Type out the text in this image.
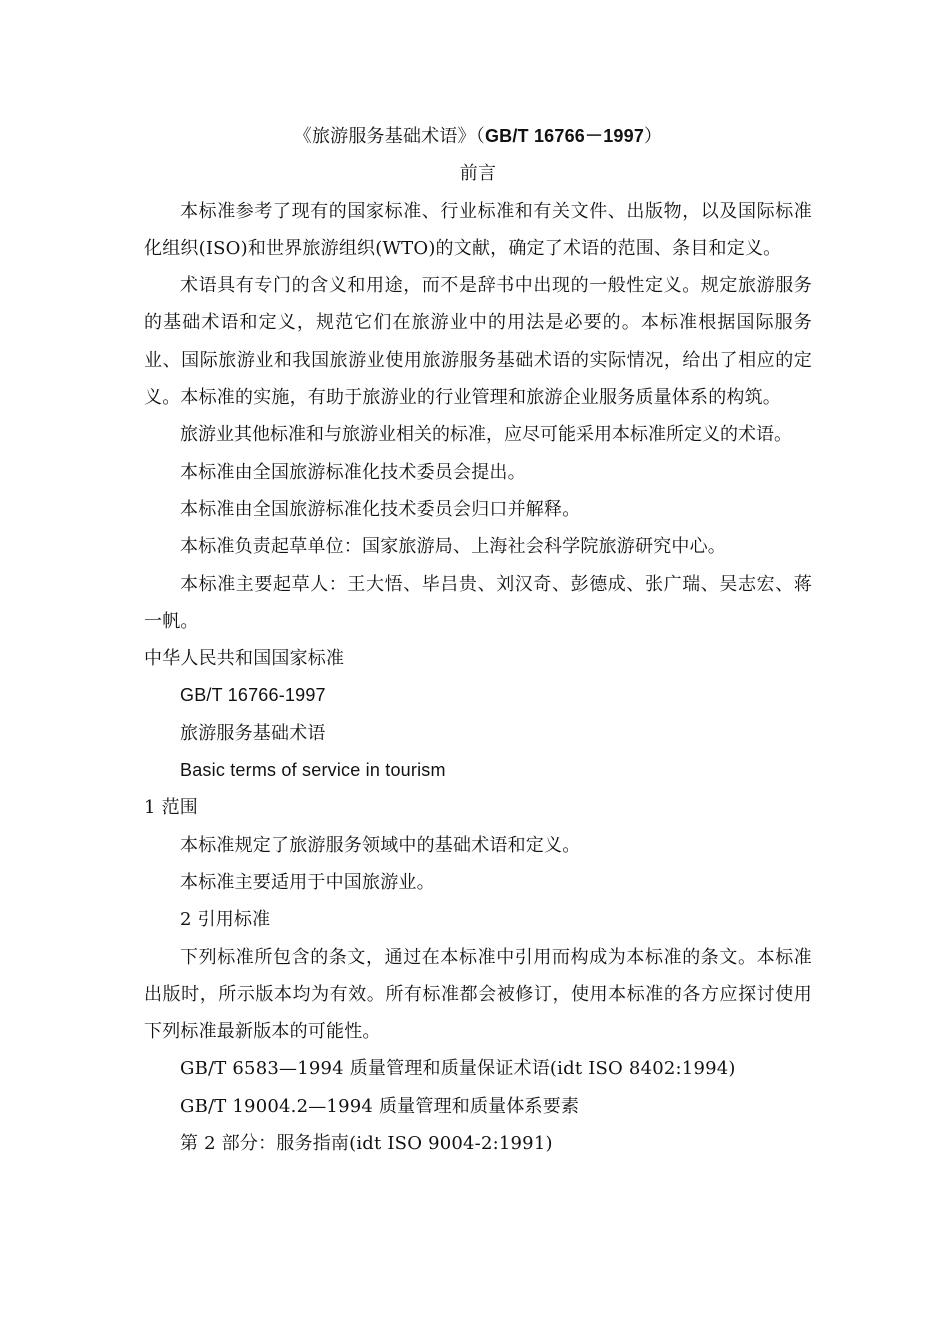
《旅游服务基础术语》（GB/T 16766－1997）

前言

本标准参考了现有的国家标准、行业标准和有关文件、出版物，以及国际标准化组织(ISO)和世界旅游组织(WTO)的文献，确定了术语的范围、条目和定义。

术语具有专门的含义和用途，而不是辞书中出现的一般性定义。规定旅游服务的基础术语和定义，规范它们在旅游业中的用法是必要的。本标准根据国际服务业、国际旅游业和我国旅游业使用旅游服务基础术语的实际情况，给出了相应的定义。本标准的实施，有助于旅游业的行业管理和旅游企业服务质量体系的构筑。

旅游业其他标准和与旅游业相关的标准，应尽可能采用本标准所定义的术语。

本标准由全国旅游标准化技术委员会提出。

本标准由全国旅游标准化技术委员会归口并解释。

本标准负责起草单位：国家旅游局、上海社会科学院旅游研究中心。

本标准主要起草人：王大悟、毕吕贵、刘汉奇、彭德成、张广瑞、吴志宏、蒋一帆。

中华人民共和国国家标准

GB/T 16766-1997

旅游服务基础术语

Basic terms of service in tourism

1 范围

本标准规定了旅游服务领域中的基础术语和定义。

本标准主要适用于中国旅游业。

2 引用标准

下列标准所包含的条文，通过在本标准中引用而构成为本标准的条文。本标准出版时，所示版本均为有效。所有标准都会被修订，使用本标准的各方应探讨使用下列标准最新版本的可能性。

GB/T 6583—1994 质量管理和质量保证术语(idt ISO 8402:1994)

GB/T 19004.2—1994 质量管理和质量体系要素

第 2 部分：服务指南(idt ISO 9004-2:1991)
